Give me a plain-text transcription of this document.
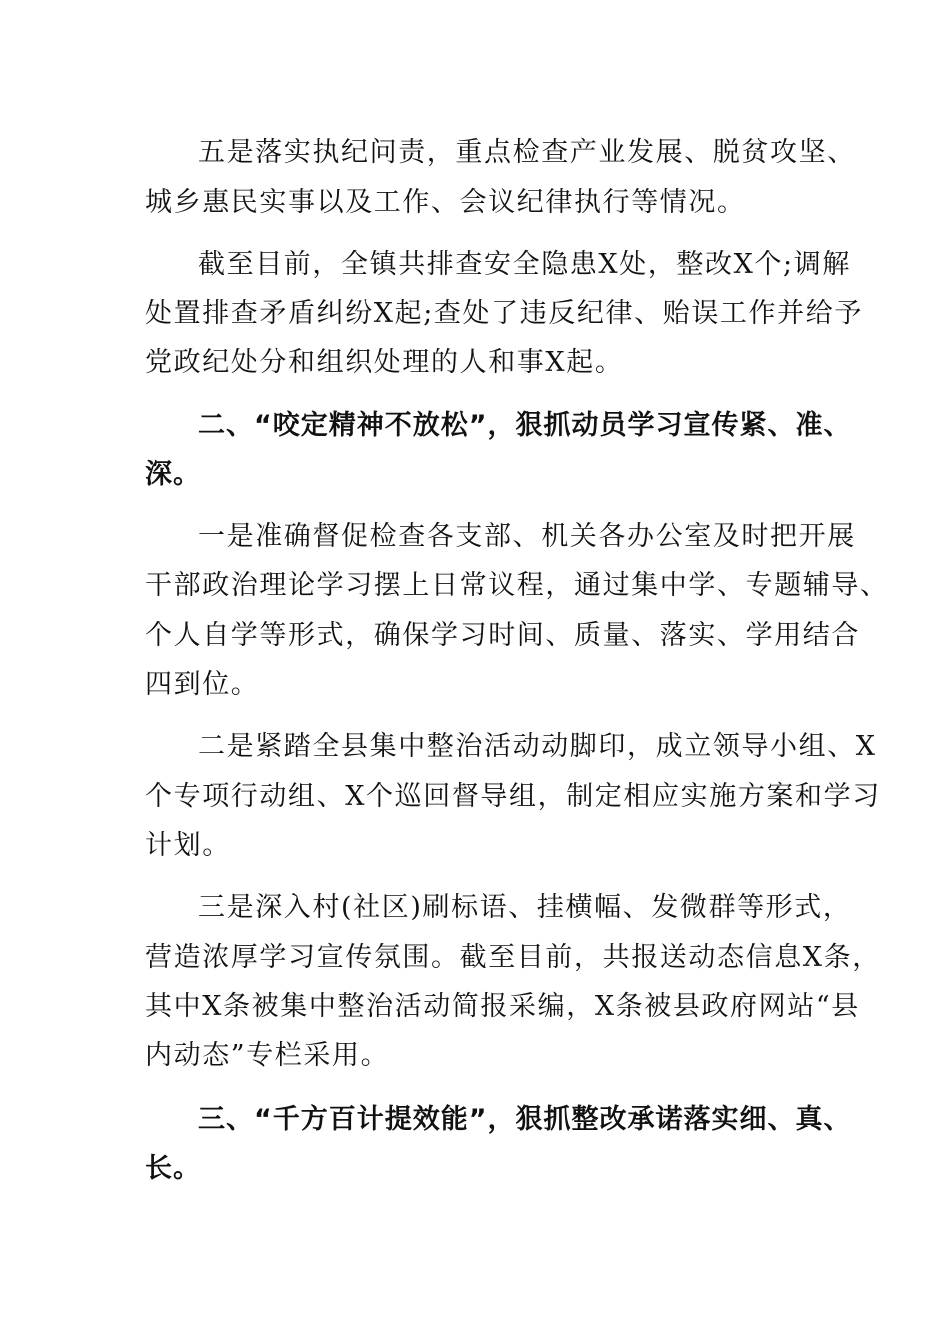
五是落实执纪问责，重点检查产业发展、脱贫攻坚、
城乡惠民实事以及工作、会议纪律执行等情况。
截至目前，全镇共排查安全隐患X处，整改X个;调解
处置排查矛盾纠纷X起;查处了违反纪律、贻误工作并给予
党政纪处分和组织处理的人和事X起。
二、“咬定精神不放松”，狠抓动员学习宣传紧、准、
深。
一是准确督促检查各支部、机关各办公室及时把开展
干部政治理论学习摆上日常议程，通过集中学、专题辅导、
个人自学等形式，确保学习时间、质量、落实、学用结合
四到位。
二是紧踏全县集中整治活动动脚印，成立领导小组、X
个专项行动组、X个巡回督导组，制定相应实施方案和学习
计划。
三是深入村(社区)刷标语、挂横幅、发微群等形式，
营造浓厚学习宣传氛围。截至目前，共报送动态信息X条，
其中X条被集中整治活动简报采编，X条被县政府网站“县
内动态”专栏采用。
三、“千方百计提效能”，狠抓整改承诺落实细、真、
长。
